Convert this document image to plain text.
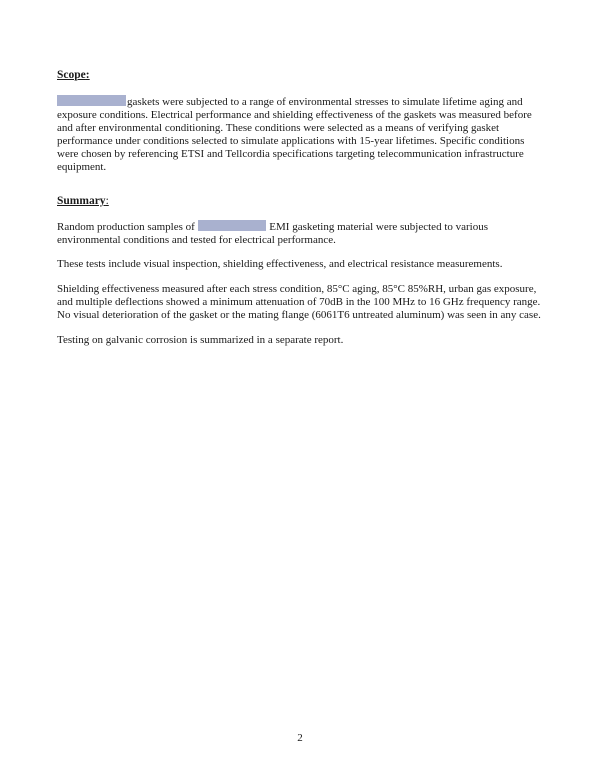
Scope:
gaskets were subjected to a range of environmental stresses to simulate lifetime aging and exposure conditions. Electrical performance and shielding effectiveness of the gaskets was measured before and after environmental conditioning. These conditions were selected as a means of verifying gasket performance under conditions selected to simulate applications with 15-year lifetimes. Specific conditions were chosen by referencing ETSI and Tellcordia specifications targeting telecommunication infrastructure equipment.
Summary:
Random production samples of	EMI gasketing material were subjected to various environmental conditions and tested for electrical performance.
These tests include visual inspection, shielding effectiveness, and electrical resistance measurements.
Shielding effectiveness measured after each stress condition, 85°C aging, 85°C 85%RH, urban gas exposure, and multiple deflections showed a minimum attenuation of 70dB in the 100 MHz to 16 GHz frequency range. No visual deterioration of the gasket or the mating flange (6061T6 untreated aluminum) was seen in any case.
Testing on galvanic corrosion is summarized in a separate report.
2
